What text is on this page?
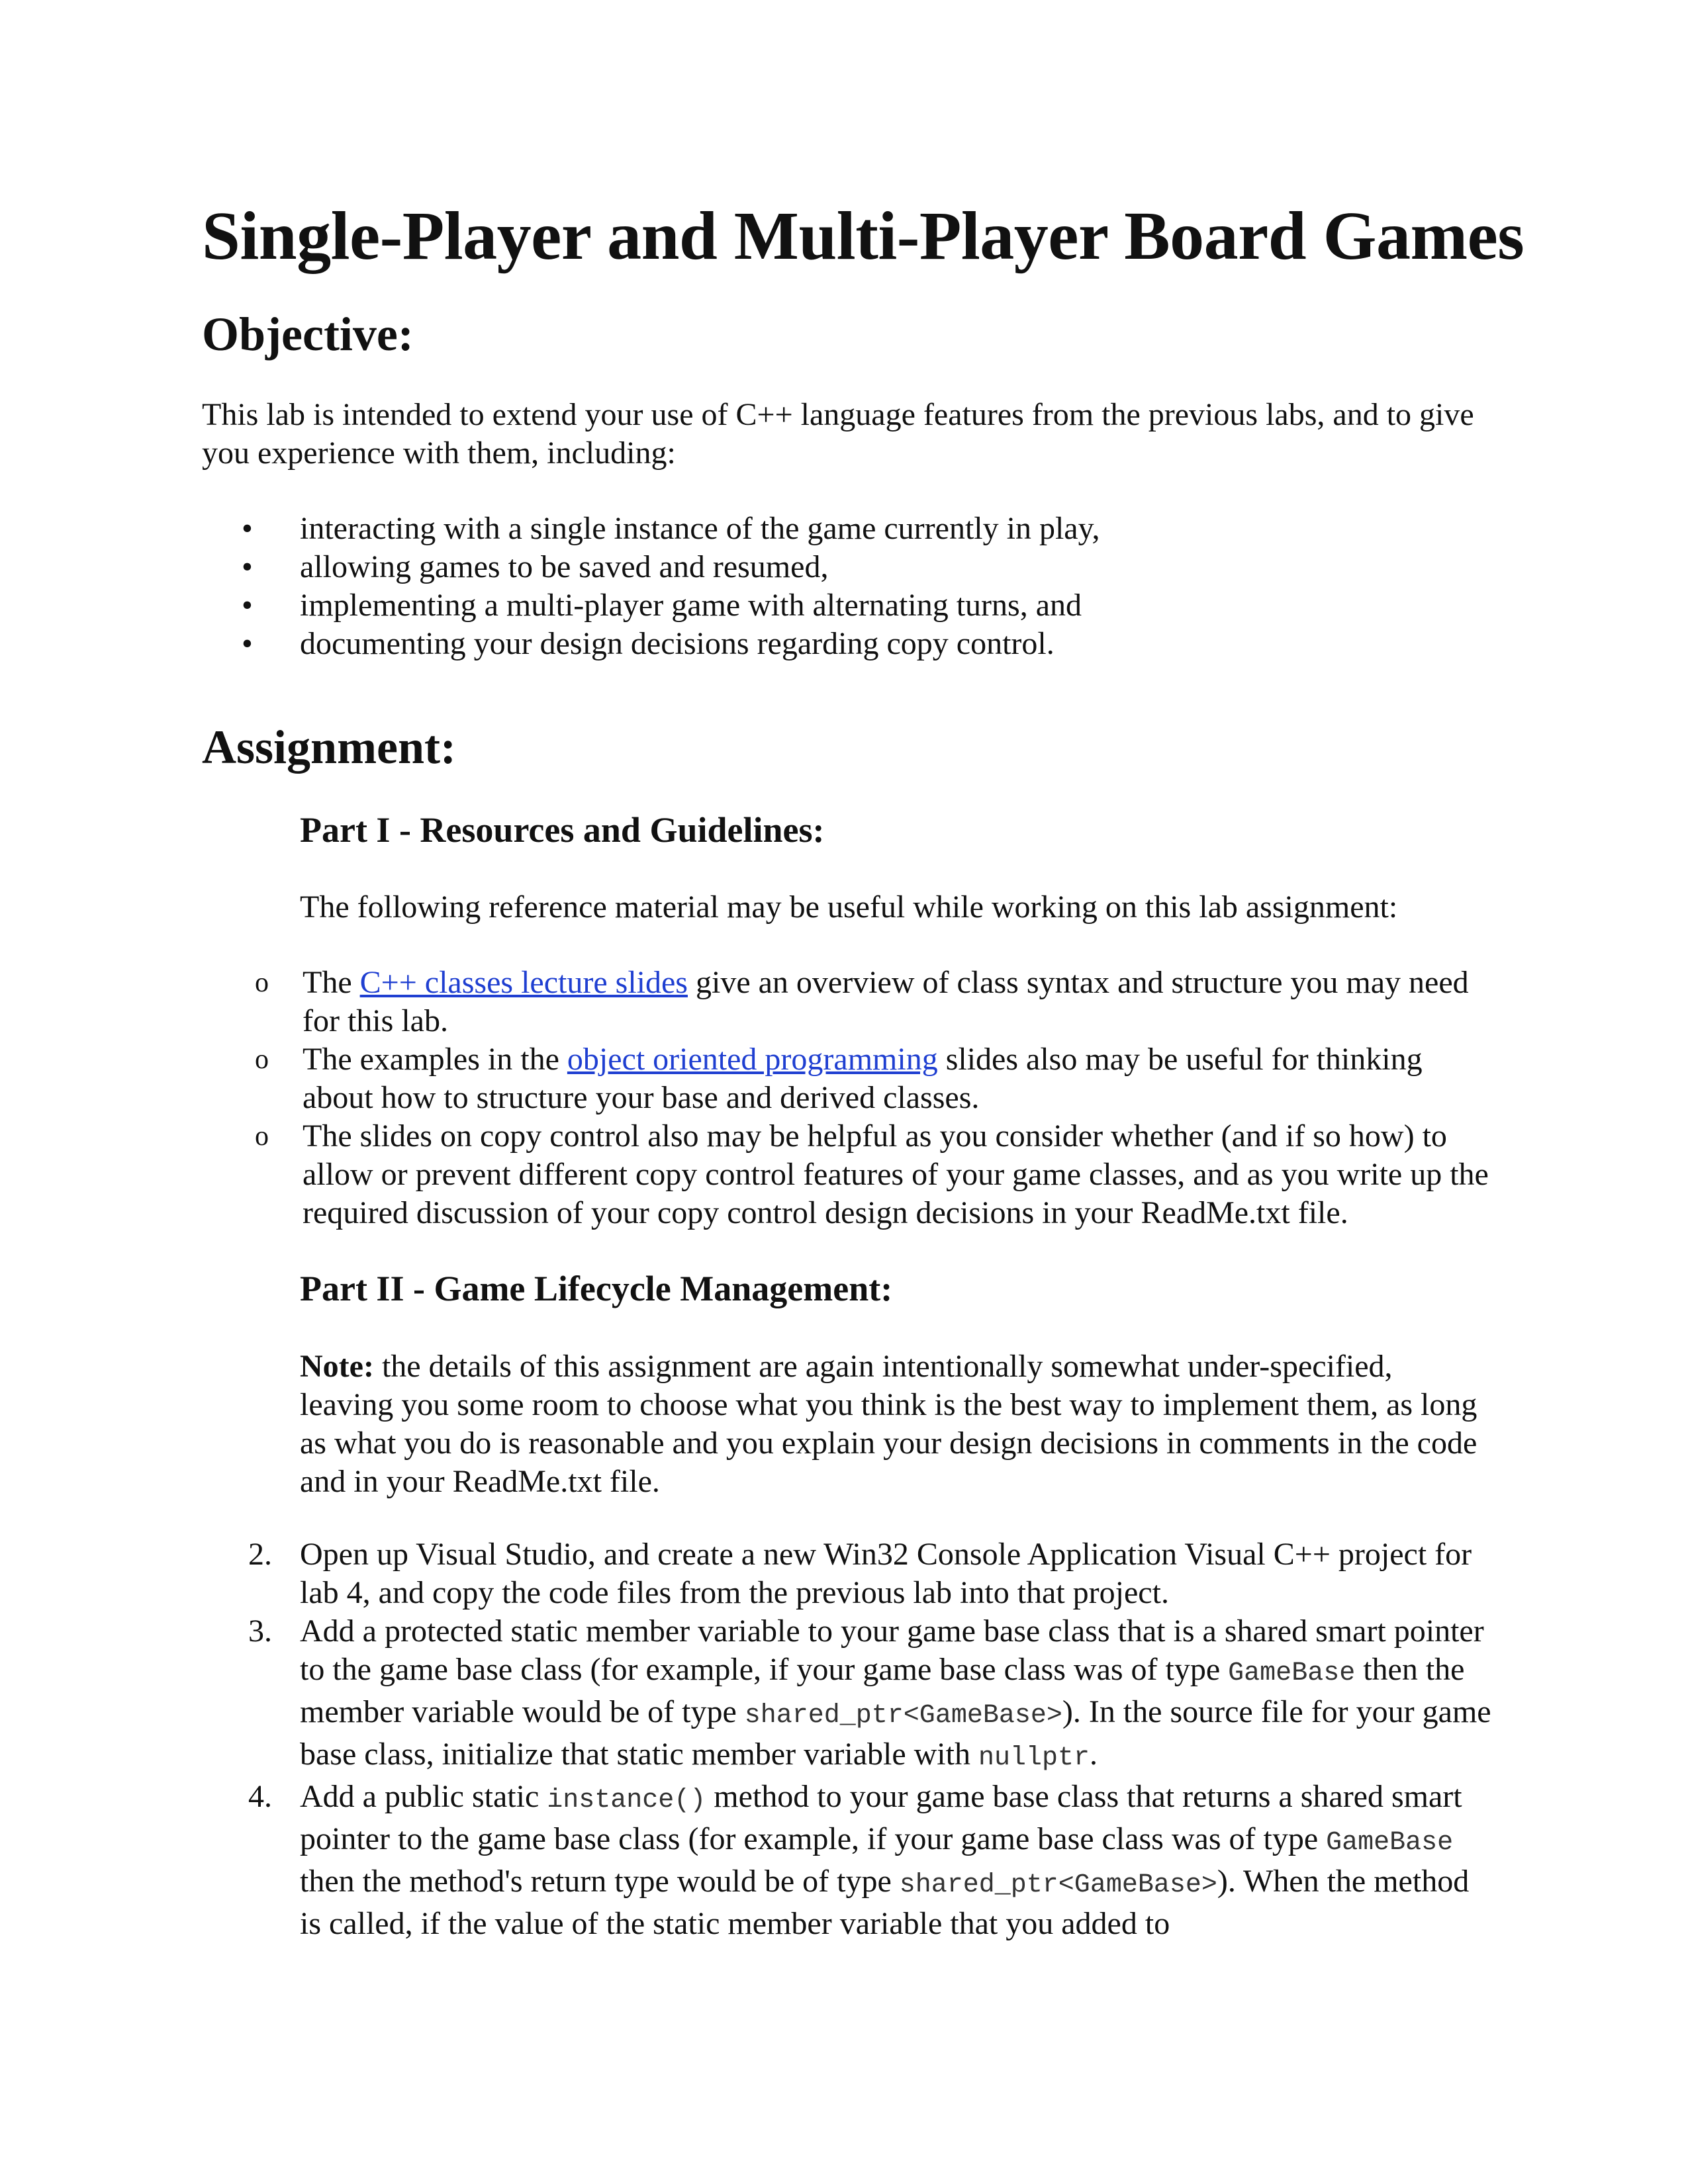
Single-Player and Multi-Player Board Games
Objective:

This lab is intended to extend your use of C++ language features from the previous labs, and to give you experience with them, including:

• interacting with a single instance of the game currently in play,
• allowing games to be saved and resumed,
• implementing a multi-player game with alternating turns, and
• documenting your design decisions regarding copy control.
Assignment:
Part I - Resources and Guidelines:

The following reference material may be useful while working on this lab assignment:

o The C++ classes lecture slides give an overview of class syntax and structure you may need for this lab.
o The examples in the object oriented programming slides also may be useful for thinking about how to structure your base and derived classes.
o The slides on copy control also may be helpful as you consider whether (and if so how) to allow or prevent different copy control features of your game classes, and as you write up the required discussion of your copy control design decisions in your ReadMe.txt file.
Part II - Game Lifecycle Management:

Note: the details of this assignment are again intentionally somewhat under-specified, leaving you some room to choose what you think is the best way to implement them, as long as what you do is reasonable and you explain your design decisions in comments in the code and in your ReadMe.txt file.

2. Open up Visual Studio, and create a new Win32 Console Application Visual C++ project for lab 4, and copy the code files from the previous lab into that project.
3. Add a protected static member variable to your game base class that is a shared smart pointer to the game base class (for example, if your game base class was of type GameBase then the member variable would be of type shared_ptr<GameBase>). In the source file for your game base class, initialize that static member variable with nullptr.
4. Add a public static instance() method to your game base class that returns a shared smart pointer to the game base class (for example, if your game base class was of type GameBase then the method's return type would be of type shared_ptr<GameBase>). When the method is called, if the value of the static member variable that you added to
